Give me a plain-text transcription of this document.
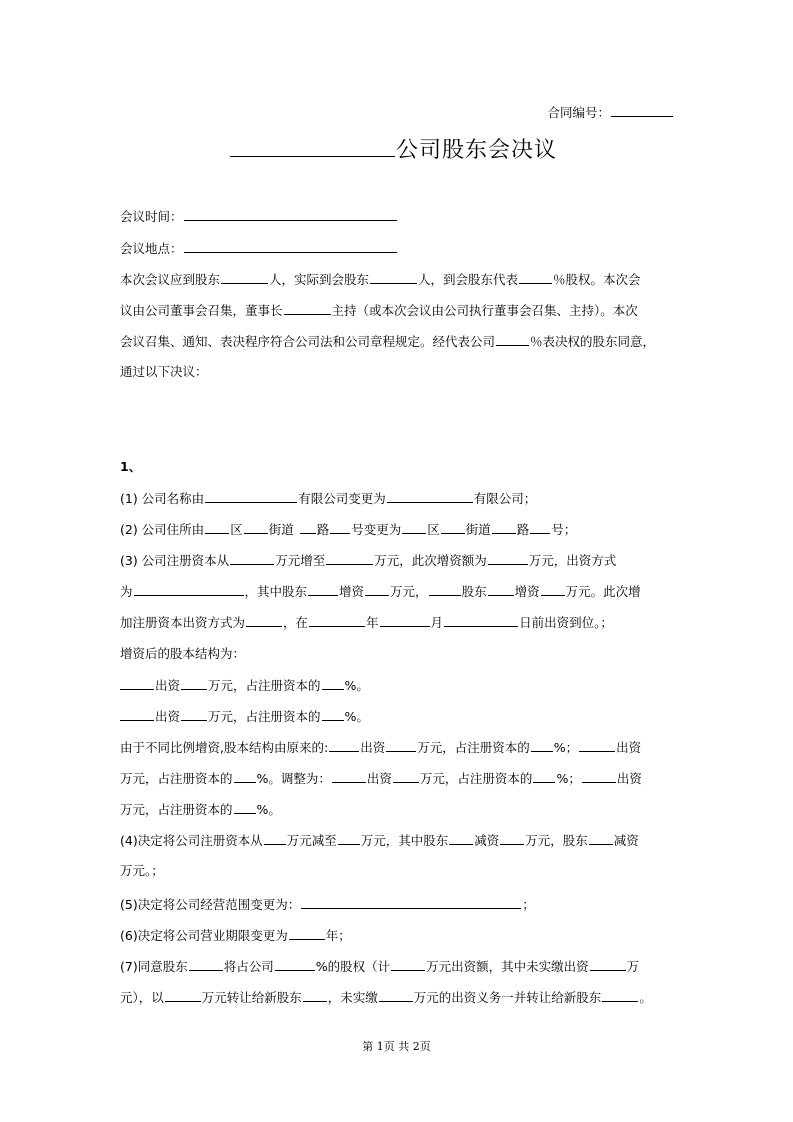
合同编号：
公司股东会决议
会议时间：
会议地点：
本次会议应到股东	人，实际到会股东	人，到会股东代表	％股权。本次会
议由公司董事会召集，董事长	主持（或本次会议由公司执行董事会召集、主持）。本次
会议召集、通知、表决程序符合公司法和公司章程规定。经代表公司	％表决权的股东同意，
通过以下决议：
1、
(1) 公司名称由	有限公司变更为	有限公司；
(2) 公司住所由 区 街道 路 号变更为 区 街道 路 号；
(3) 公司注册资本从	万元增至	万元，此次增资额为	万元，出资方式
为	，其中股东	增资 万元，	股东 增资 万元。此次增
加注册资本出资方式为	，在	年	月	日前出资到位。；
增资后的股本结构为：
出资 万元，占注册资本的 %。
出资 万元，占注册资本的 %。
由于不同比例增资,股本结构由原来的:	出资	万元，占注册资本的 %；	出资
万元，占注册资本的 %。调整为：	出资 万元，占注册资本的 %；	出资
万元，占注册资本的 %。
(4)决定将公司注册资本从 万元减至 万元，其中股东 减资 万元，股东 减资
万元。；
(5)决定将公司经营范围变更为：	；
(6)决定将公司营业期限变更为	年；
(7)同意股东	将占公司	%的股权（计	万元出资额，其中未实缴出资	万
元），以	万元转让给新股东 ，未实缴	万元的出资义务一并转让给新股东	。
第 1页 共 2页
